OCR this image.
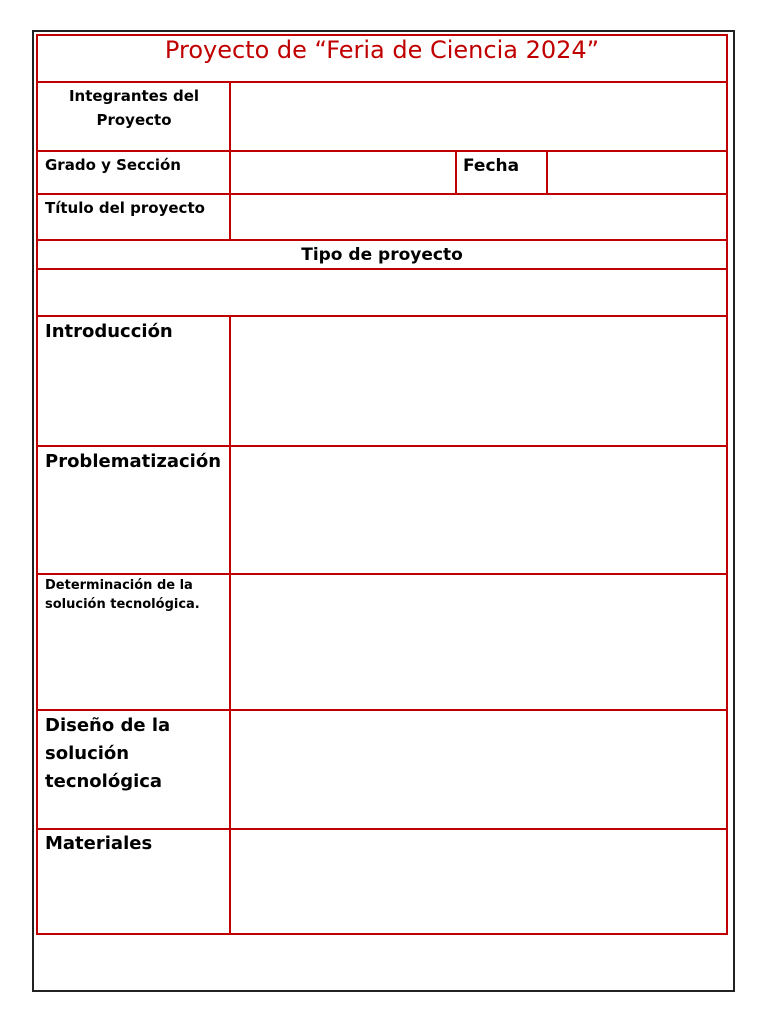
Proyecto de “Feria de Ciencia 2024”
Integrantes del Proyecto
Grado y Sección	Fecha
Título del proyecto
Tipo de proyecto
Introducción
Problematización
Determinación de la solución tecnológica.
Diseño de la solución tecnológica
Materiales
